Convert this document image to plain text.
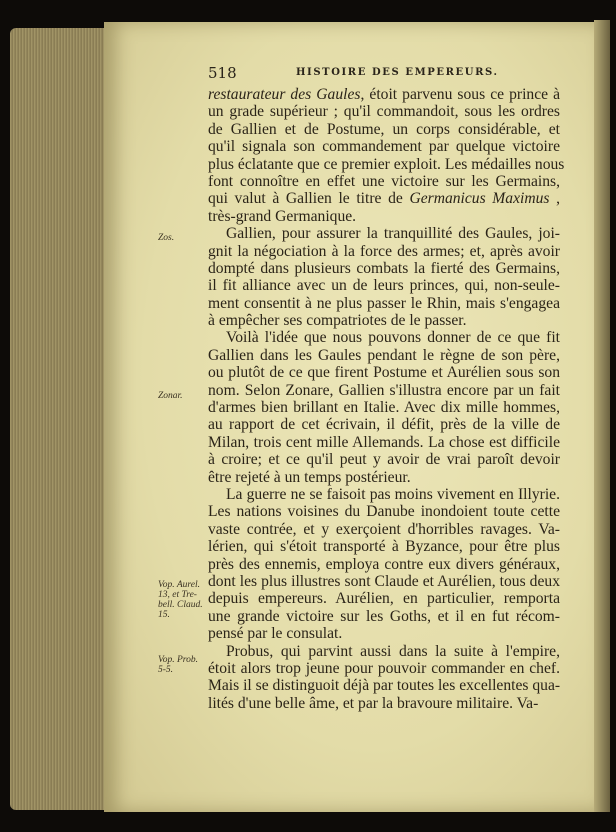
518	HISTOIRE DES EMPEREURS.
restaurateur des Gaules, étoit parvenu sous ce prince à
un grade supérieur ; qu'il commandoit, sous les ordres
de Gallien et de Postume, un corps considérable, et
qu'il signala son commandement par quelque victoire
plus éclatante que ce premier exploit. Les médailles nous
font connoître en effet une victoire sur les Germains,
qui valut à Gallien le titre de Germanicus Maximus ,
très-grand Germanique.
Gallien, pour assurer la tranquillité des Gaules, joi-
gnit la négociation à la force des armes; et, après avoir
dompté dans plusieurs combats la fierté des Germains,
il fit alliance avec un de leurs princes, qui, non-seule-
ment consentit à ne plus passer le Rhin, mais s'engagea
à empêcher ses compatriotes de le passer.
Voilà l'idée que nous pouvons donner de ce que fit
Gallien dans les Gaules pendant le règne de son père,
ou plutôt de ce que firent Postume et Aurélien sous son
nom. Selon Zonare, Gallien s'illustra encore par un fait
d'armes bien brillant en Italie. Avec dix mille hommes,
au rapport de cet écrivain, il défit, près de la ville de
Milan, trois cent mille Allemands. La chose est difficile
à croire; et ce qu'il peut y avoir de vrai paroît devoir
être rejeté à un temps postérieur.
La guerre ne se faisoit pas moins vivement en Illyrie.
Les nations voisines du Danube inondoient toute cette
vaste contrée, et y exerçoient d'horribles ravages. Va-
lérien, qui s'étoit transporté à Byzance, pour être plus
près des ennemis, employa contre eux divers généraux,
dont les plus illustres sont Claude et Aurélien, tous deux
depuis empereurs. Aurélien, en particulier, remporta
une grande victoire sur les Goths, et il en fut récom-
pensé par le consulat.
Probus, qui parvint aussi dans la suite à l'empire,
étoit alors trop jeune pour pouvoir commander en chef.
Mais il se distinguoit déjà par toutes les excellentes qua-
lités d'une belle âme, et par la bravoure militaire. Va-
Zos.
Zonar.
Vop. Aurel. 13, et Tre-bell. Claud. 15.
Vop. Prob. 5-5.
